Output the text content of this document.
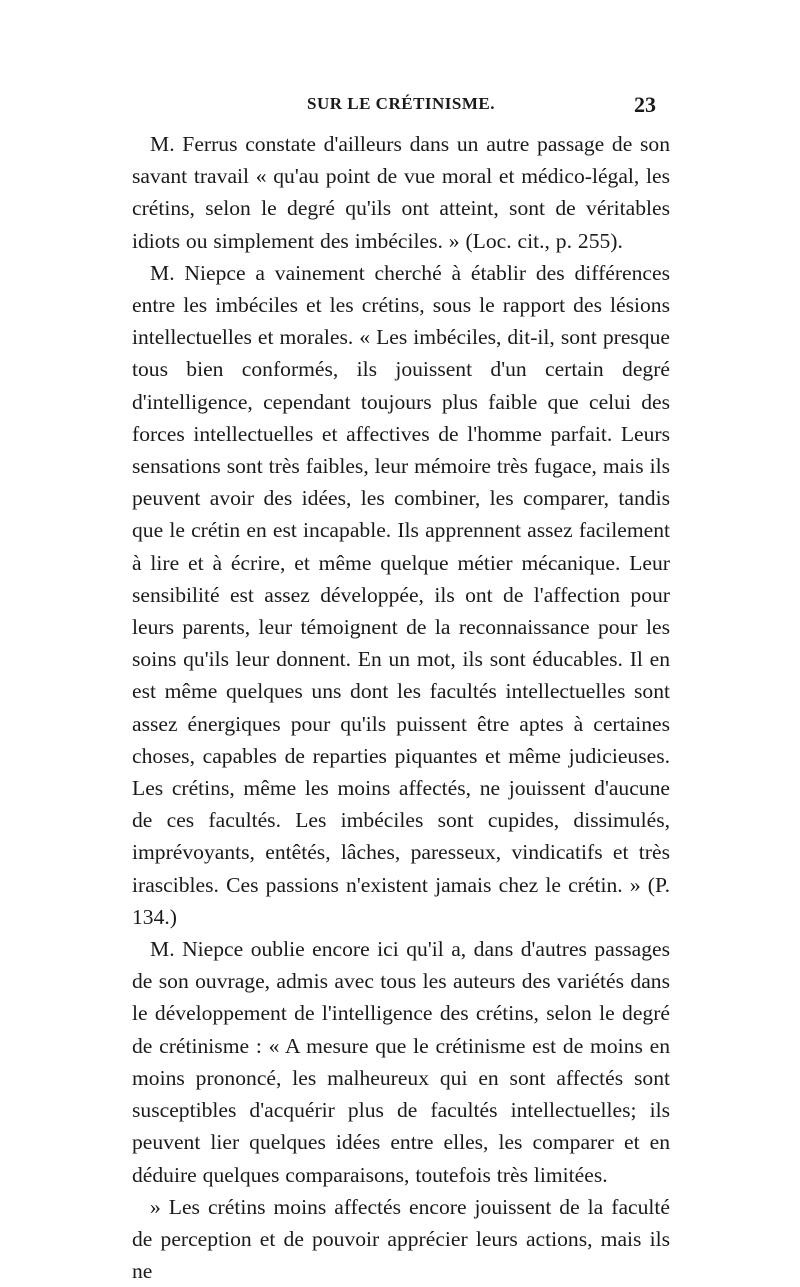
SUR LE CRÉTINISME.	23

M. Ferrus constate d'ailleurs dans un autre passage de son savant travail « qu'au point de vue moral et médico-légal, les crétins, selon le degré qu'ils ont atteint, sont de véritables idiots ou simplement des imbéciles. » (Loc. cit., p. 255).

M. Niepce a vainement cherché à établir des différences entre les imbéciles et les crétins, sous le rapport des lésions intellectuelles et morales. « Les imbéciles, dit-il, sont presque tous bien conformés, ils jouissent d'un certain degré d'intelligence, cependant toujours plus faible que celui des forces intellectuelles et affectives de l'homme parfait. Leurs sensations sont très faibles, leur mémoire très fugace, mais ils peuvent avoir des idées, les combiner, les comparer, tandis que le crétin en est incapable. Ils apprennent assez facilement à lire et à écrire, et même quelque métier mécanique. Leur sensibilité est assez développée, ils ont de l'affection pour leurs parents, leur témoignent de la reconnaissance pour les soins qu'ils leur donnent. En un mot, ils sont éducables. Il en est même quelques uns dont les facultés intellectuelles sont assez énergiques pour qu'ils puissent être aptes à certaines choses, capables de reparties piquantes et même judicieuses. Les crétins, même les moins affectés, ne jouissent d'aucune de ces facultés. Les imbéciles sont cupides, dissimulés, imprévoyants, entêtés, lâches, paresseux, vindicatifs et très irascibles. Ces passions n'existent jamais chez le crétin. » (P. 134.)

M. Niepce oublie encore ici qu'il a, dans d'autres passages de son ouvrage, admis avec tous les auteurs des variétés dans le développement de l'intelligence des crétins, selon le degré de crétinisme : « A mesure que le crétinisme est de moins en moins prononcé, les malheureux qui en sont affectés sont susceptibles d'acquérir plus de facultés intellectuelles; ils peuvent lier quelques idées entre elles, les comparer et en déduire quelques comparaisons, toutefois très limitées.

» Les crétins moins affectés encore jouissent de la faculté de perception et de pouvoir apprécier leurs actions, mais ils ne
